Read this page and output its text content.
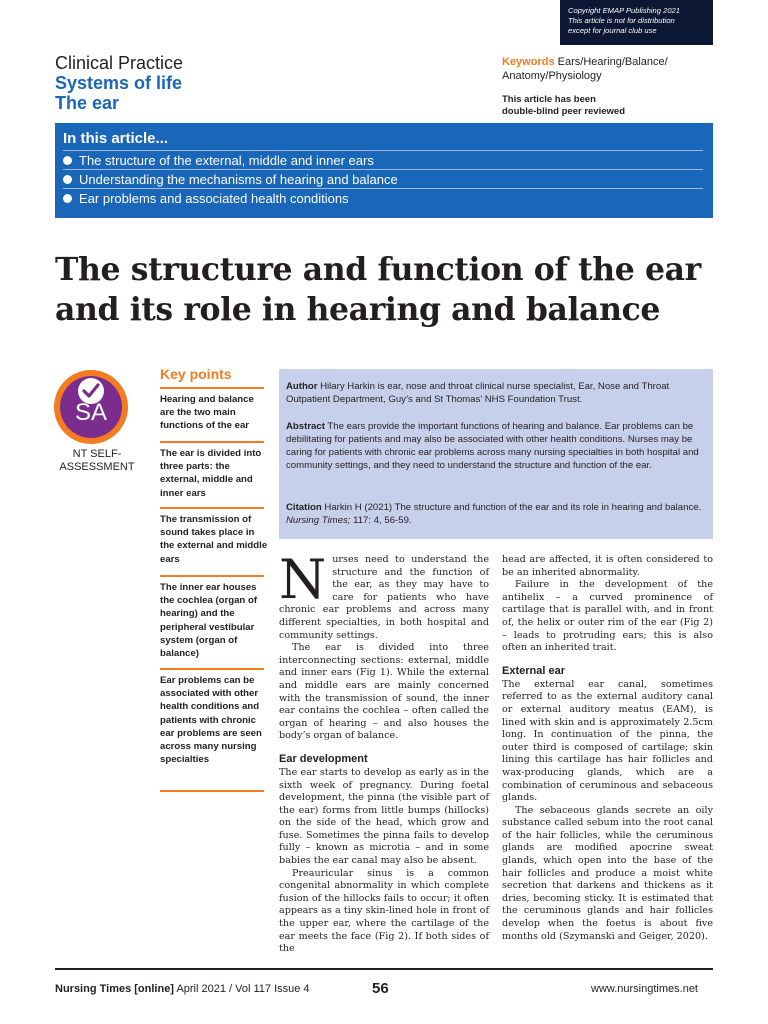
Copyright EMAP Publishing 2021
This article is not for distribution
except for journal club use
Clinical Practice
Systems of life
The ear
Keywords Ears/Hearing/Balance/
Anatomy/Physiology
This article has been
double-blind peer reviewed
In this article...
The structure of the external, middle and inner ears
Understanding the mechanisms of hearing and balance
Ear problems and associated health conditions
The structure and function of the ear
and its role in hearing and balance
SA
NT SELF-
ASSESSMENT
Key points
Hearing and balance are the two main functions of the ear
The ear is divided into three parts: the external, middle and inner ears
The transmission of sound takes place in the external and middle ears
The inner ear houses the cochlea (organ of hearing) and the peripheral vestibular system (organ of balance)
Ear problems can be associated with other health conditions and patients with chronic ear problems are seen across many nursing specialties
Author Hilary Harkin is ear, nose and throat clinical nurse specialist, Ear, Nose and Throat Outpatient Department, Guy’s and St Thomas’ NHS Foundation Trust.
Abstract The ears provide the important functions of hearing and balance. Ear problems can be debilitating for patients and may also be associated with other health conditions. Nurses may be caring for patients with chronic ear problems across many nursing specialties in both hospital and community settings, and they need to understand the structure and function of the ear.
Citation Harkin H (2021) The structure and function of the ear and its role in hearing and balance. Nursing Times; 117: 4, 56-59.

Nurses need to understand the structure and the function of the ear, as they may have to care for patients who have chronic ear problems and across many different specialties, in both hospital and community settings.

The ear is divided into three interconnecting sections: external, middle and inner ears (Fig 1). While the external and middle ears are mainly concerned with the transmission of sound, the inner ear contains the cochlea – often called the organ of hearing – and also houses the body’s organ of balance.

Ear development

The ear starts to develop as early as in the sixth week of pregnancy. During foetal development, the pinna (the visible part of the ear) forms from little bumps (hillocks) on the side of the head, which grow and fuse. Sometimes the pinna fails to develop fully – known as microtia – and in some babies the ear canal may also be absent.

Preauricular sinus is a common congenital abnormality in which complete fusion of the hillocks fails to occur; it often appears as a tiny skin-lined hole in front of the upper ear, where the cartilage of the ear meets the face (Fig 2). If both sides of the

head are affected, it is often considered to be an inherited abnormality.

Failure in the development of the antihelix – a curved prominence of cartilage that is parallel with, and in front of, the helix or outer rim of the ear (Fig 2) – leads to protruding ears; this is also often an inherited trait.

External ear

The external ear canal, sometimes referred to as the external auditory canal or external auditory meatus (EAM), is lined with skin and is approximately 2.5cm long. In continuation of the pinna, the outer third is composed of cartilage; skin lining this cartilage has hair follicles and wax-producing glands, which are a combination of ceruminous and sebaceous glands.

The sebaceous glands secrete an oily substance called sebum into the root canal of the hair follicles, while the ceruminous glands are modified apocrine sweat glands, which open into the base of the hair follicles and produce a moist white secretion that darkens and thickens as it dries, becoming sticky. It is estimated that the ceruminous glands and hair follicles develop when the foetus is about five months old (Szymanski and Geiger, 2020).

Nursing Times [online] April 2021 / Vol 117 Issue 4	56	www.nursingtimes.net
